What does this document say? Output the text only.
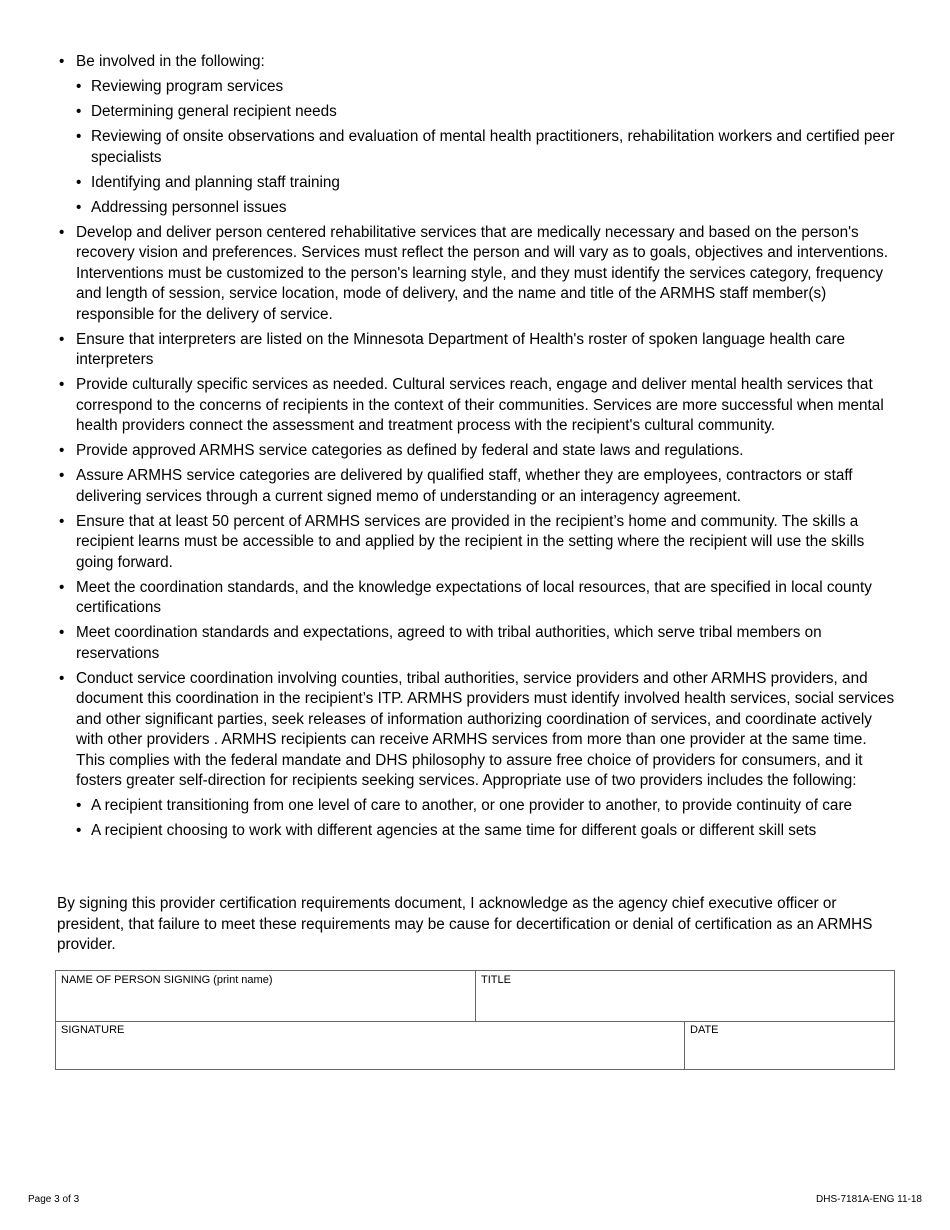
• Be involved in the following:
• Reviewing program services
• Determining general recipient needs
• Reviewing of onsite observations and evaluation of mental health practitioners, rehabilitation workers and certified peer specialists
• Identifying and planning staff training
• Addressing personnel issues
• Develop and deliver person centered rehabilitative services that are medically necessary and based on the person's recovery vision and preferences. Services must reflect the person and will vary as to goals, objectives and interventions. Interventions must be customized to the person's learning style, and they must identify the services category, frequency and length of session, service location, mode of delivery, and the name and title of the ARMHS staff member(s) responsible for the delivery of service.
• Ensure that interpreters are listed on the Minnesota Department of Health's roster of spoken language health care interpreters
• Provide culturally specific services as needed. Cultural services reach, engage and deliver mental health services that correspond to the concerns of recipients in the context of their communities. Services are more successful when mental health providers connect the assessment and treatment process with the recipient's cultural community.
• Provide approved ARMHS service categories as defined by federal and state laws and regulations.
• Assure ARMHS service categories are delivered by qualified staff, whether they are employees, contractors or staff delivering services through a current signed memo of understanding or an interagency agreement.
• Ensure that at least 50 percent of ARMHS services are provided in the recipient’s home and community. The skills a recipient learns must be accessible to and applied by the recipient in the setting where the recipient will use the skills going forward.
• Meet the coordination standards, and the knowledge expectations of local resources, that are specified in local county certifications
• Meet coordination standards and expectations, agreed to with tribal authorities, which serve tribal members on reservations
• Conduct service coordination involving counties, tribal authorities, service providers and other ARMHS providers, and document this coordination in the recipient’s ITP. ARMHS providers must identify involved health services, social services and other significant parties, seek releases of information authorizing coordination of services, and coordinate actively with other providers . ARMHS recipients can receive ARMHS services from more than one provider at the same time. This complies with the federal mandate and DHS philosophy to assure free choice of providers for consumers, and it fosters greater self-direction for recipients seeking services. Appropriate use of two providers includes the following:
• A recipient transitioning from one level of care to another, or one provider to another, to provide continuity of care
• A recipient choosing to work with different agencies at the same time for different goals or different skill sets

By signing this provider certification requirements document, I acknowledge as the agency chief executive officer or president, that failure to meet these requirements may be cause for decertification or denial of certification as an ARMHS provider.

NAME OF PERSON SIGNING (print name)	TITLE
SIGNATURE	DATE
Page 3 of 3	DHS-7181A-ENG 11-18
